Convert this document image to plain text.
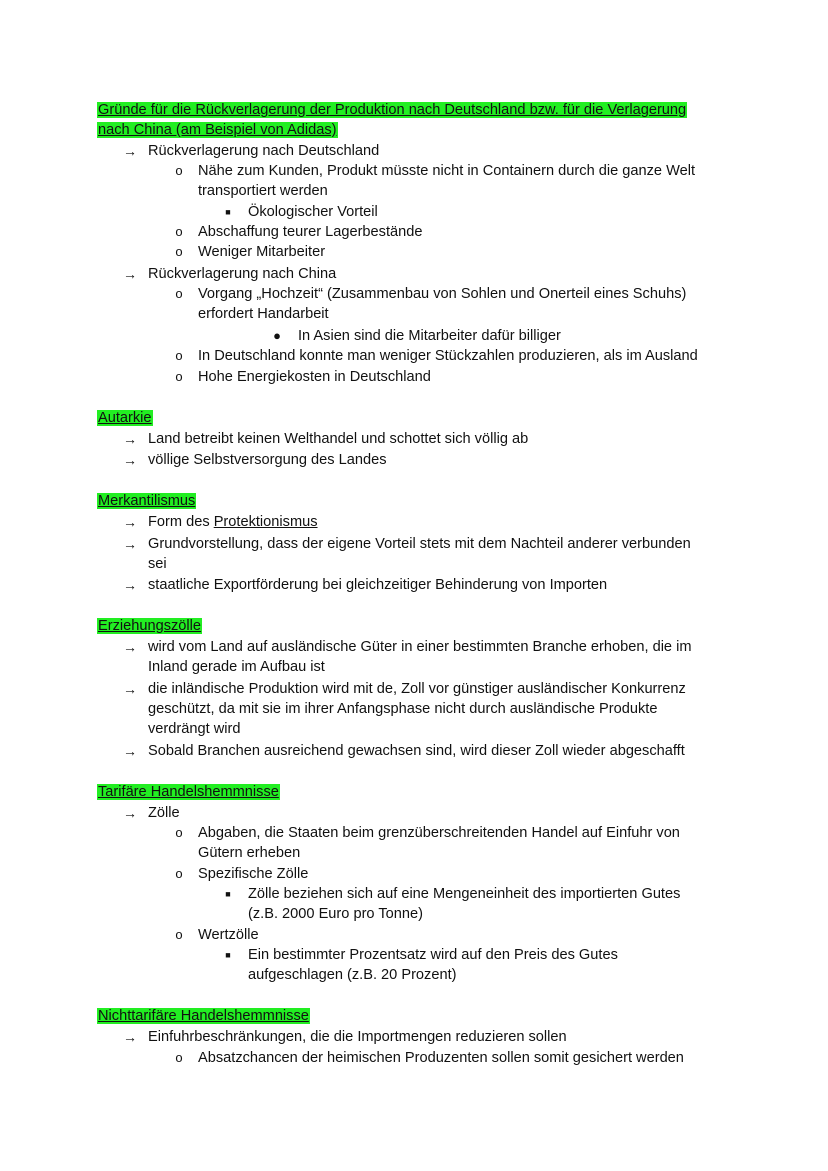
Gründe für die Rückverlagerung der Produktion nach Deutschland bzw. für die Verlagerung
nach China (am Beispiel von Adidas)
→ Rückverlagerung nach Deutschland
o	Nähe zum Kunden, Produkt müsste nicht in Containern durch die ganze Welt
transportiert werden
■	Ökologischer Vorteil
o	Abschaffung teurer Lagerbestände
o	Weniger Mitarbeiter
→ Rückverlagerung nach China
o	Vorgang „Hochzeit“ (Zusammenbau von Sohlen und Onerteil eines Schuhs)
erfordert Handarbeit
● In Asien sind die Mitarbeiter dafür billiger
o	In Deutschland konnte man weniger Stückzahlen produzieren, als im Ausland
o	Hohe Energiekosten in Deutschland
Autarkie
→ Land betreibt keinen Welthandel und schottet sich völlig ab
→ völlige Selbstversorgung des Landes
Merkantilismus
→ Form des Protektionismus
→ Grundvorstellung, dass der eigene Vorteil stets mit dem Nachteil anderer verbunden
sei
→ staatliche Exportförderung bei gleichzeitiger Behinderung von Importen
Erziehungszölle
→ wird vom Land auf ausländische Güter in einer bestimmten Branche erhoben, die im
Inland gerade im Aufbau ist
→ die inländische Produktion wird mit de, Zoll vor günstiger ausländischer Konkurrenz
geschützt, da mit sie im ihrer Anfangsphase nicht durch ausländische Produkte
verdrängt wird
→ Sobald Branchen ausreichend gewachsen sind, wird dieser Zoll wieder abgeschafft
Tarifäre Handelshemmnisse
→ Zölle
o	Abgaben, die Staaten beim grenzüberschreitenden Handel auf Einfuhr von
Gütern erheben
o	Spezifische Zölle
■	Zölle beziehen sich auf eine Mengeneinheit des importierten Gutes
(z.B. 2000 Euro pro Tonne)
o	Wertzölle
■	Ein bestimmter Prozentsatz wird auf den Preis des Gutes
aufgeschlagen (z.B. 20 Prozent)
Nichttarifäre Handelshemmnisse
→ Einfuhrbeschränkungen, die die Importmengen reduzieren sollen
o	Absatzchancen der heimischen Produzenten sollen somit gesichert werden
